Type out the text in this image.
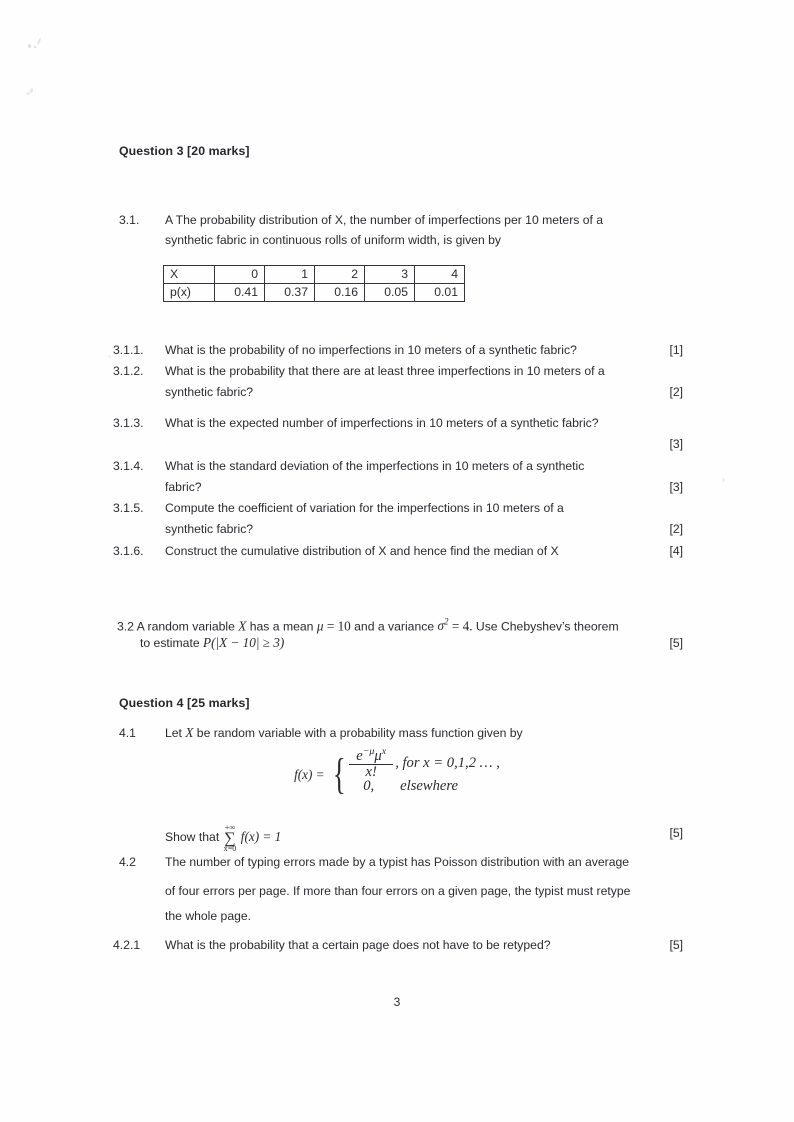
Question 3 [20 marks]
3.1. A The probability distribution of X, the number of imperfections per 10 meters of a
synthetic fabric in continuous rolls of uniform width, is given by
X	0	1	2	3	4
p(x)	0.41	0.37	0.16	0.05	0.01
3.1.1. What is the probability of no imperfections in 10 meters of a synthetic fabric?	[1]
3.1.2. What is the probability that there are at least three imperfections in 10 meters of a
synthetic fabric?	[2]
3.1.3. What is the expected number of imperfections in 10 meters of a synthetic fabric?
[3]
3.1.4. What is the standard deviation of the imperfections in 10 meters of a synthetic
fabric?	[3]
3.1.5. Compute the coefficient of variation for the imperfections in 10 meters of a
synthetic fabric?	[2]
3.1.6. Construct the cumulative distribution of X and hence find the median of X	[4]
3.2 A random variable X has a mean μ = 10 and a variance $\sigma^2 = 4$. Use Chebyshev’s theorem
to estimate P(|X − 10| ≥ 3)	[5]
Question 4 [25 marks]
4.1 Let X be random variable with a probability mass function given by
f(x) = { $\frac{e^{-\mu}\mu^x}{x!}$ , for x = 0,1,2 … ,
0, elsewhere
Show that
+∞
∑
x=0
f(x) = 1	[5]
4.2 The number of typing errors made by a typist has Poisson distribution with an average
of four errors per page. If more than four errors on a given page, the typist must retype
the whole page.
4.2.1 What is the probability that a certain page does not have to be retyped?	[5]
3
